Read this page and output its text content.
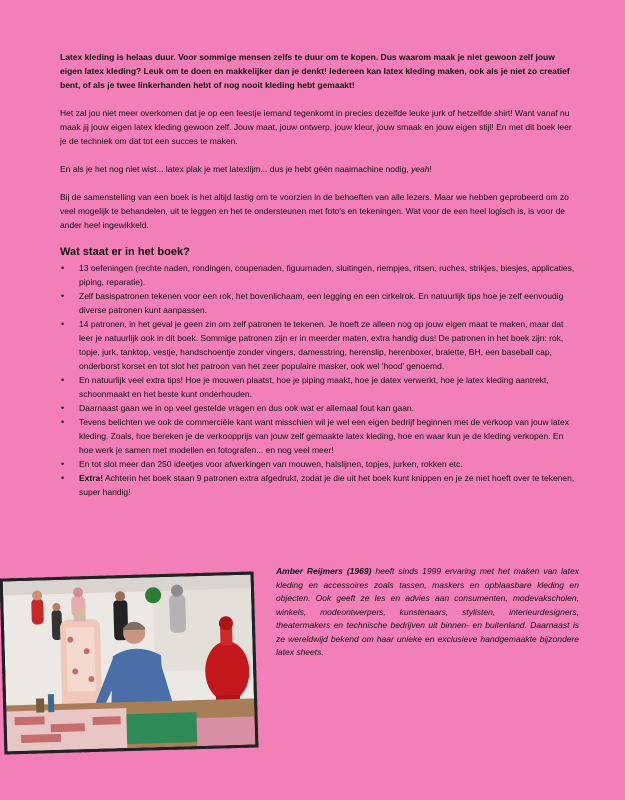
Latex kleding is helaas duur. Voor sommige mensen zelfs te duur om te kopen. Dus waarom maak je niet gewoon zelf jouw eigen latex kleding? Leuk om te doen en makkelijker dan je denkt! Iedereen kan latex kleding maken, ook als je niet zo creatief bent, of als je twee linkerhanden hebt of nog nooit kleding hebt gemaakt!

Het zal jou niet meer overkomen dat je op een feestje iemand tegenkomt in precies dezelfde leuke jurk of hetzelfde shirt! Want vanaf nu maak jij jouw eigen latex kleding gewoon zelf. Jouw maat, jouw ontwerp, jouw kleur, jouw smaak en jouw eigen stijl! En met dit boek leer je de techniek om dat tot een succes te maken.

En als je het nog niet wist... latex plak je met latexlijm... dus je hebt géén naaimachine nodig, yeah!

Bij de samenstelling van een boek is het altijd lastig om te voorzien in de behoeften van alle lezers. Maar we hebben geprobeerd om zo veel mogelijk te behandelen, uit te leggen en het te ondersteunen met foto's en tekeningen. Wat voor de een heel logisch is, is voor de ander heel ingewikkeld.

Wat staat er in het boek?
• 13 oefeningen (rechte naden, rondingen, coupenaden, figuurnaden, sluitingen, riempjes, ritsen, ruches, strikjes, biesjes, applicaties, piping, reparatie).
• Zelf basispatronen tekenen voor een rok, het bovenlichaam, een legging en een cirkelrok. En natuurlijk tips hoe je zelf eenvoudig diverse patronen kunt aanpassen.
• 14 patronen, in het geval je geen zin om zelf patronen te tekenen. Je hoeft ze alleen nog op jouw eigen maat te maken, maar dat leer je natuurlijk ook in dit boek. Sommige patronen zijn er in meerder maten, extra handig dus! De patronen in het boek zijn: rok, topje, jurk, tanktop, vestje, handschoentje zonder vingers, damesstring, herenslip, herenboxer, bralette, BH, een baseball cap, onderborst korset en tot slot het patroon van het zeer populaire masker, ook wel 'hood' genoemd.
• En natuurlijk veel extra tips! Hoe je mouwen plaatst, hoe je piping maakt, hoe je datex verwerkt, hoe je latex kleding aantrekt, schoonmaakt en het beste kunt onderhouden.
• Daarnaast gaan we in op veel gestelde vragen en dus ook wat er allemaal fout kan gaan.
• Tevens belichten we ook de commerciële kant want misschien wil je wel een eigen bedrijf beginnen met de verkoop van jouw latex kleding. Zoals, hoe bereken je de verkoopprijs van jouw zelf gemaakte latex kleding, hoe en waar kun je de kleding verkopen. En hoe werk je samen met modellen en fotografen... en nog veel meer!
• En tot slot meer dan 250 ideetjes voor afwerkingen van mouwen, halslijnen, topjes, jurken, rokken etc.
• Extra! Achterin het boek staan 9 patronen extra afgedrukt, zodat je die uit het boek kunt knippen en je ze niet hoeft over te tekenen, super handig!
Amber Reijmers (1969) heeft sinds 1999 ervaring met het maken van latex kleding en accessoires zoals tassen, maskers en opblaasbare kleding en objecten. Ook geeft ze les en advies aan consumenten, modevakscholen, winkels, modeontwerpers, kunstenaars, stylisten, interieurdesigners, theatermakers en technische bedrijven uit binnen- en buitenland. Daarnaast is ze wereldwijd bekend om haar unieke en exclusieve handgemaakte bijzondere latex sheets.
